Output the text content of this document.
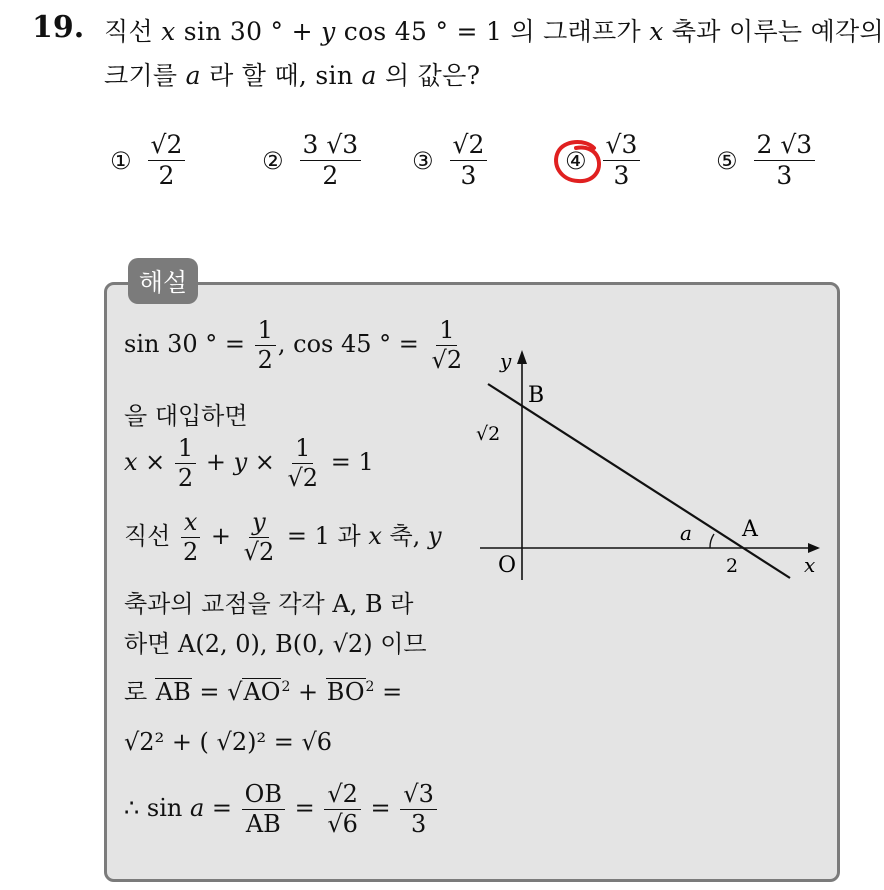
19. 직선 x sin 30 ° + y cos 45 ° = 1 의 그래프가 x 축과 이루는 예각의
크기를 a 라 할 때, sin a 의 값은?
① $\frac{√2}{2}$	② $\frac{3 √3}{2}$ ③ $\frac{√2}{3}$	④ $\frac{√3}{3}$	⑤ $\frac{2 √3}{3}$
해설
sin 30 ° = $\frac{1}{2}$ , cos 45 ° = $\frac{1}{√2}$
을 대입하면
$x \times \frac{1}{2} + y \times \frac{1}{√2} = 1$
직선 $\frac{x}{2} + \frac{y}{√2} = 1$ 과 x 축, y
축과의 교점을 각각 A, B 라
하면 A(2, 0), B(0, √2) 이므
로 AB = $√AO^2 + BO^2$ =
√2² + ( √2)² = √6
∴ $\sin a = \frac{OB}{AB} = \frac{√2}{√6} = \frac{√3}{3}$
y
x
O
B
A
√2
2
a
